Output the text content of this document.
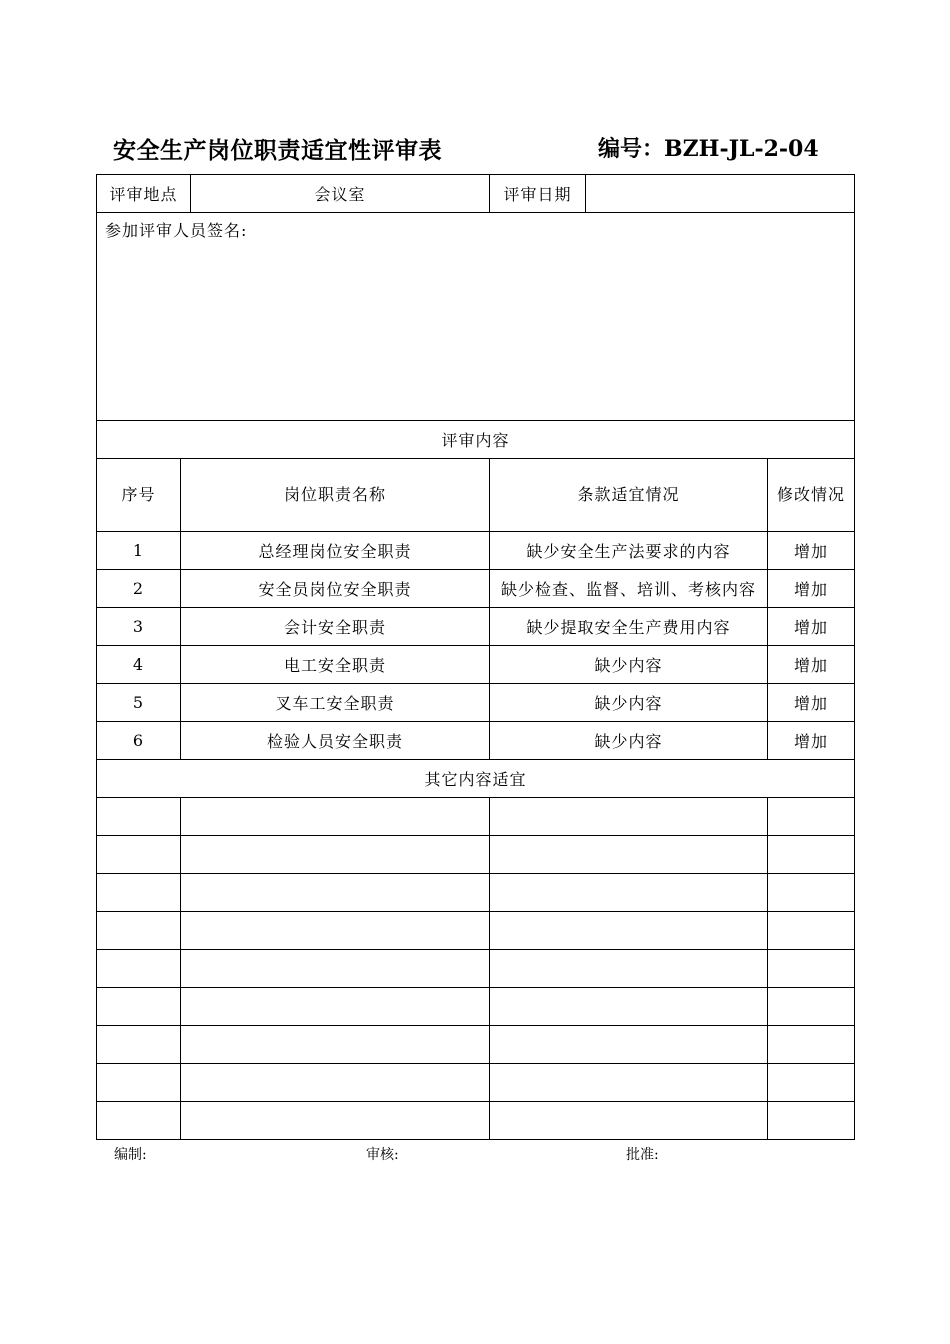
安全生产岗位职责适宜性评审表	编号：BZH-JL-2-04
评审地点		会议室	评审日期		

参加评审人员签名:					

评审内容					
序号	岗位职责名称		条款适宜情况		修改情况
1	总经理岗位安全职责		缺少安全生产法要求的内容		增加
2	安全员岗位安全职责		缺少检查、监督、培训、考核内容		增加
3	会计安全职责		缺少提取安全生产费用内容		增加
4	电工安全职责		缺少内容		增加
5	叉车工安全职责		缺少内容		增加
6	检验人员安全职责		缺少内容		增加
其它内容适宜					

编制:	审核:	批准:
